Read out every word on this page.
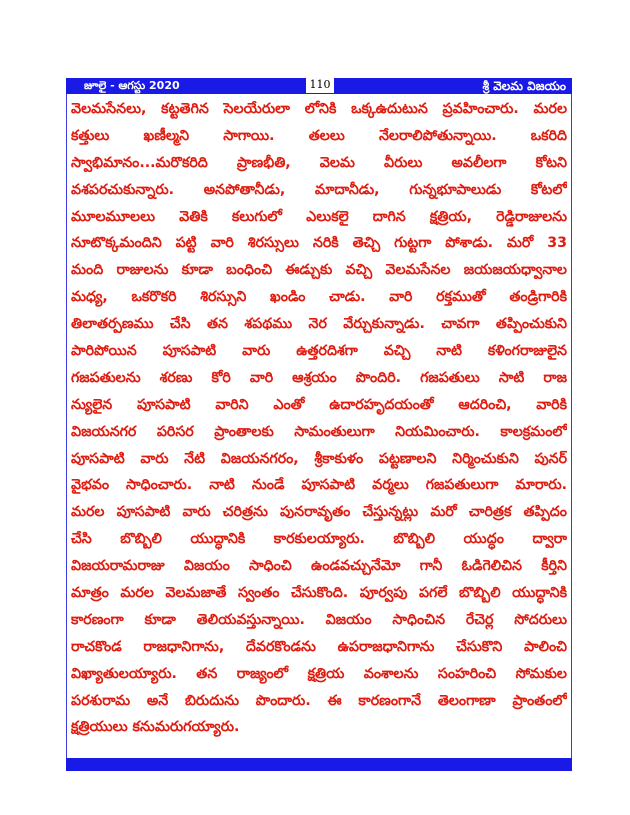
జూలై - ఆగస్టు 2020	110	శ్రీ వెలమ విజయం
వెలమసేనలు, కట్టతెగిన సెలయేరులా లోనికి ఒక్కఉదుటున ప్రవహించారు. మరల
కత్తులు ఖణీల్మని సాగాయి. తలలు నేలరాలిపోతున్నాయి. ఒకరిది
స్వాభిమానం...మరొకరిది ప్రాణభీతి, వెలమ వీరులు అవలీలగా కోటని
వశపరచుకున్నారు. అనపోతానీడు, మాదానీడు, గున్నభూపాలుడు కోటలో
మూలమూలలు వెతికి కలుగులో ఎలుకలై దాగిన క్షత్రియ, రెడ్డిరాజులను
నూటొక్కమందిని పట్టి వారి శిరస్సులు నరికి తెచ్చి గుట్టగా పోశాడు. మరో 33
మంది రాజులను కూడా బంధించి ఈడ్చుకు వచ్చి వెలమసేనల జయజయధ్వానాల
మధ్య, ఒకరొకరి శిరస్సుని ఖండిం చాడు. వారి రక్తముతో తండ్రిగారికి
తిలాతర్పణము చేసి తన శపథము నెర వేర్చుకున్నాడు. చావగా తప్పించుకుని
పారిపోయిన పూసపాటి వారు ఉత్తరదిశగా వచ్చి నాటి కళింగరాజులైన
గజపతులను శరణు కోరి వారి ఆశ్రయం పొందిరి. గజపతులు సాటి రాజ
న్యులైన పూసపాటి వారిని ఎంతో ఉదారహృదయంతో ఆదరించి, వారికి
విజయనగర పరిసర ప్రాంతాలకు సామంతులుగా నియమించారు. కాలక్రమంలో
పూసపాటి వారు నేటి విజయనగరం, శ్రీకాకుళం పట్టణాలని నిర్మించుకుని పునర్
వైభవం సాధించారు. నాటి నుండే పూసపాటి వర్మలు గజపతులుగా మారారు.
మరల పూసపాటి వారు చరిత్రను పునరావృతం చేస్తున్నట్లు మరో చారిత్రక తప్పిదం
చేసి బొబ్బిలి యుద్ధానికి కారకులయ్యారు. బొబ్బిలి యుద్ధం ద్వారా
విజయరామరాజు విజయం సాధించి ఉండవచ్చునేమో గానీ ఓడిగెలిచిన కీర్తిని
మాత్రం మరల వెలమజాతే స్వంతం చేసుకొంది. పూర్వపు పగలే బొబ్బిలి యుద్ధానికి
కారణంగా కూడా తెలియవస్తున్నాయి. విజయం సాధించిన రేచెర్ల సోదరులు
రాచకొండ రాజధానిగాను, దేవరకొండను ఉపరాజధానిగాను చేసుకొని పాలించి
విఖ్యాతులయ్యారు. తన రాజ్యంలో క్షత్రియ వంశాలను సంహరించి సోమకుల
పరశురామ అనే బిరుదును పొందారు. ఈ కారణంగానే తెలంగాణా ప్రాంతంలో
క్షత్రియులు కనుమరుగయ్యారు.
